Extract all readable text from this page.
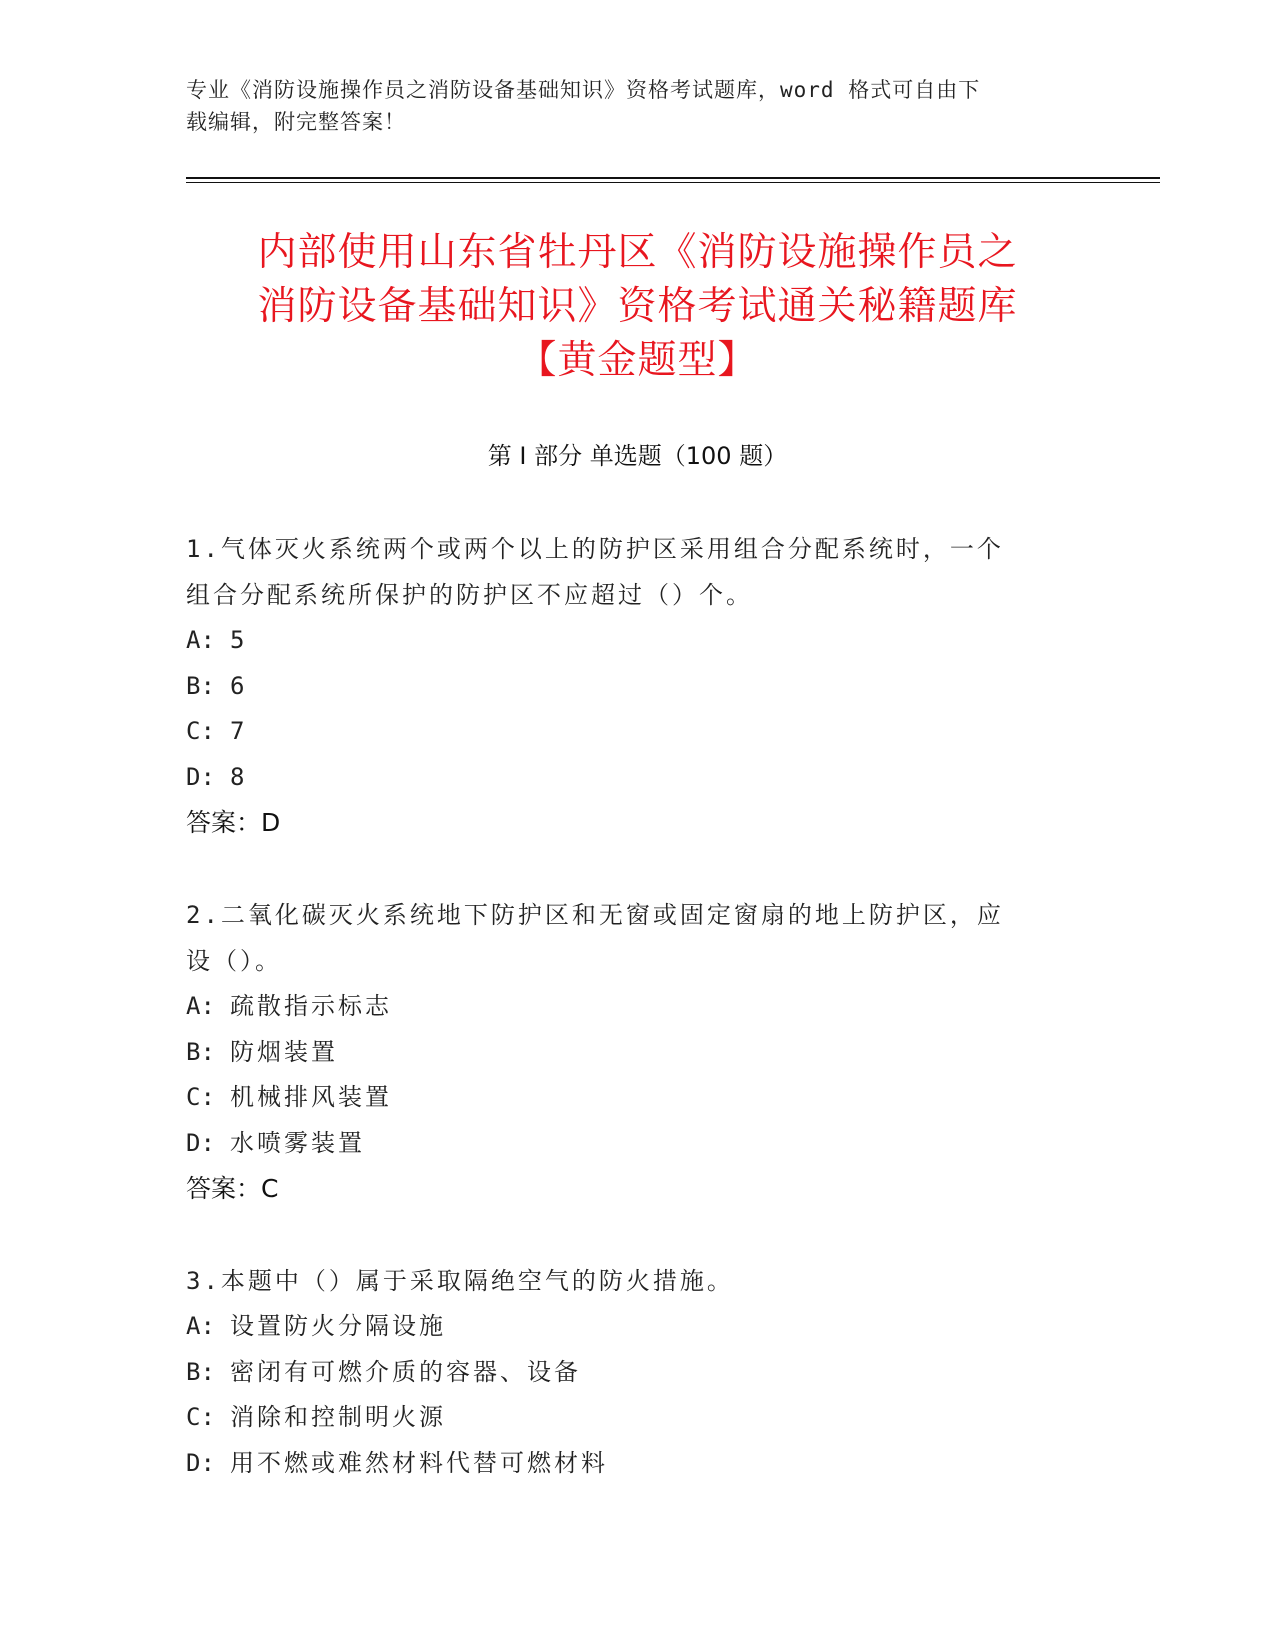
专业《消防设施操作员之消防设备基础知识》资格考试题库，word 格式可自由下
载编辑，附完整答案！
内部使用山东省牡丹区《消防设施操作员之
消防设备基础知识》资格考试通关秘籍题库
【黄金题型】
第 I 部分 单选题（100 题）
1.气体灭火系统两个或两个以上的防护区采用组合分配系统时，一个
组合分配系统所保护的防护区不应超过（）个。
A: 5
B: 6
C: 7
D: 8
答案：D
2.二氧化碳灭火系统地下防护区和无窗或固定窗扇的地上防护区，应
设（）。
A: 疏散指示标志
B: 防烟装置
C: 机械排风装置
D: 水喷雾装置
答案：C
3.本题中（）属于采取隔绝空气的防火措施。
A: 设置防火分隔设施
B: 密闭有可燃介质的容器、设备
C: 消除和控制明火源
D: 用不燃或难然材料代替可燃材料
